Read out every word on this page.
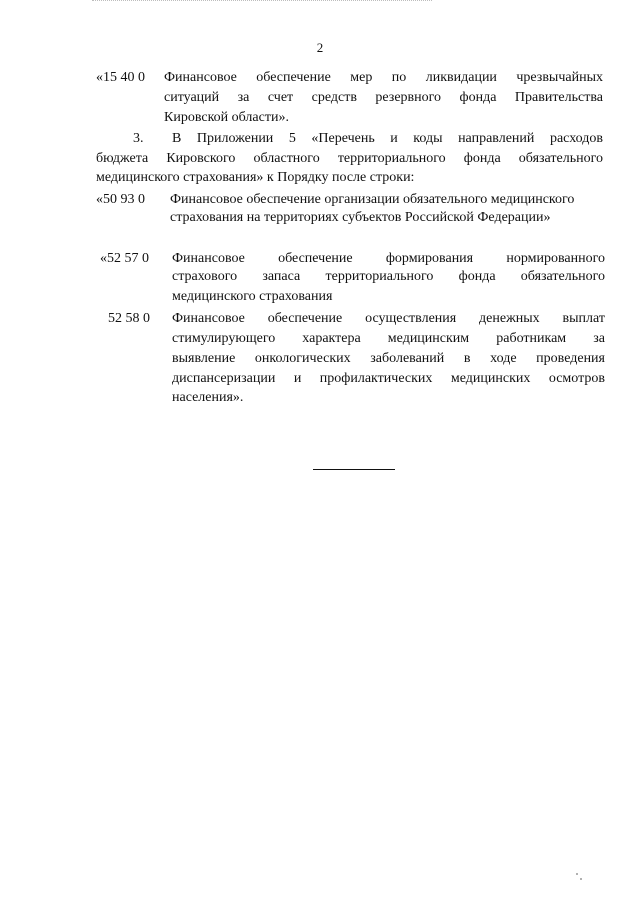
2
«15 40 0 Финансовое обеспечение мер по ликвидации чрезвычайных
ситуаций за счет средств резервного фонда Правительства
Кировской области».
3. В Приложении 5 «Перечень и коды направлений расходов
бюджета Кировского областного территориального фонда обязательного
медицинского страхования» к Порядку после строки:
«50 93 0 Финансовое обеспечение организации обязательного медицинского
страхования на территориях субъектов Российской Федерации»
«52 57 0 Финансовое обеспечение формирования нормированного
страхового запаса территориального фонда обязательного
медицинского страхования
52 58 0 Финансовое обеспечение осуществления денежных выплат
стимулирующего характера медицинским работникам за
выявление онкологических заболеваний в ходе проведения
диспансеризации и профилактических медицинских осмотров
населения».
